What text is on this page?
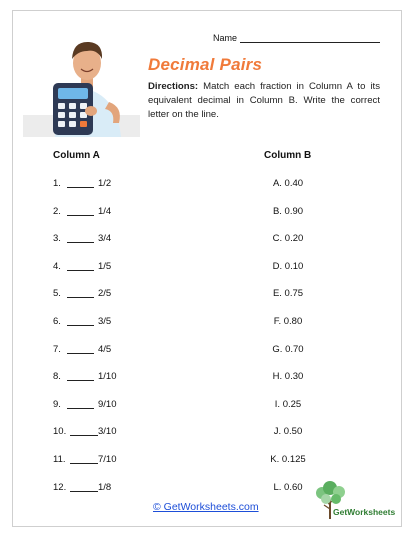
Name
Decimal Pairs
Directions: Match each fraction in Column A to its equivalent decimal in Column B. Write the correct letter on the line.
Column A	Column B
1.	1/2	A. 0.40
2.	1/4	B. 0.90
3.	3/4	C. 0.20
4.	1/5	D. 0.10
5.	2/5	E. 0.75
6.	3/5	F. 0.80
7.	4/5	G. 0.70
8.	1/10	H. 0.30
9.	9/10	I. 0.25
10.	3/10	J. 0.50
11.	7/10	K. 0.125
12.	1/8	L. 0.60
© GetWorksheets.com	GetWorksheets
